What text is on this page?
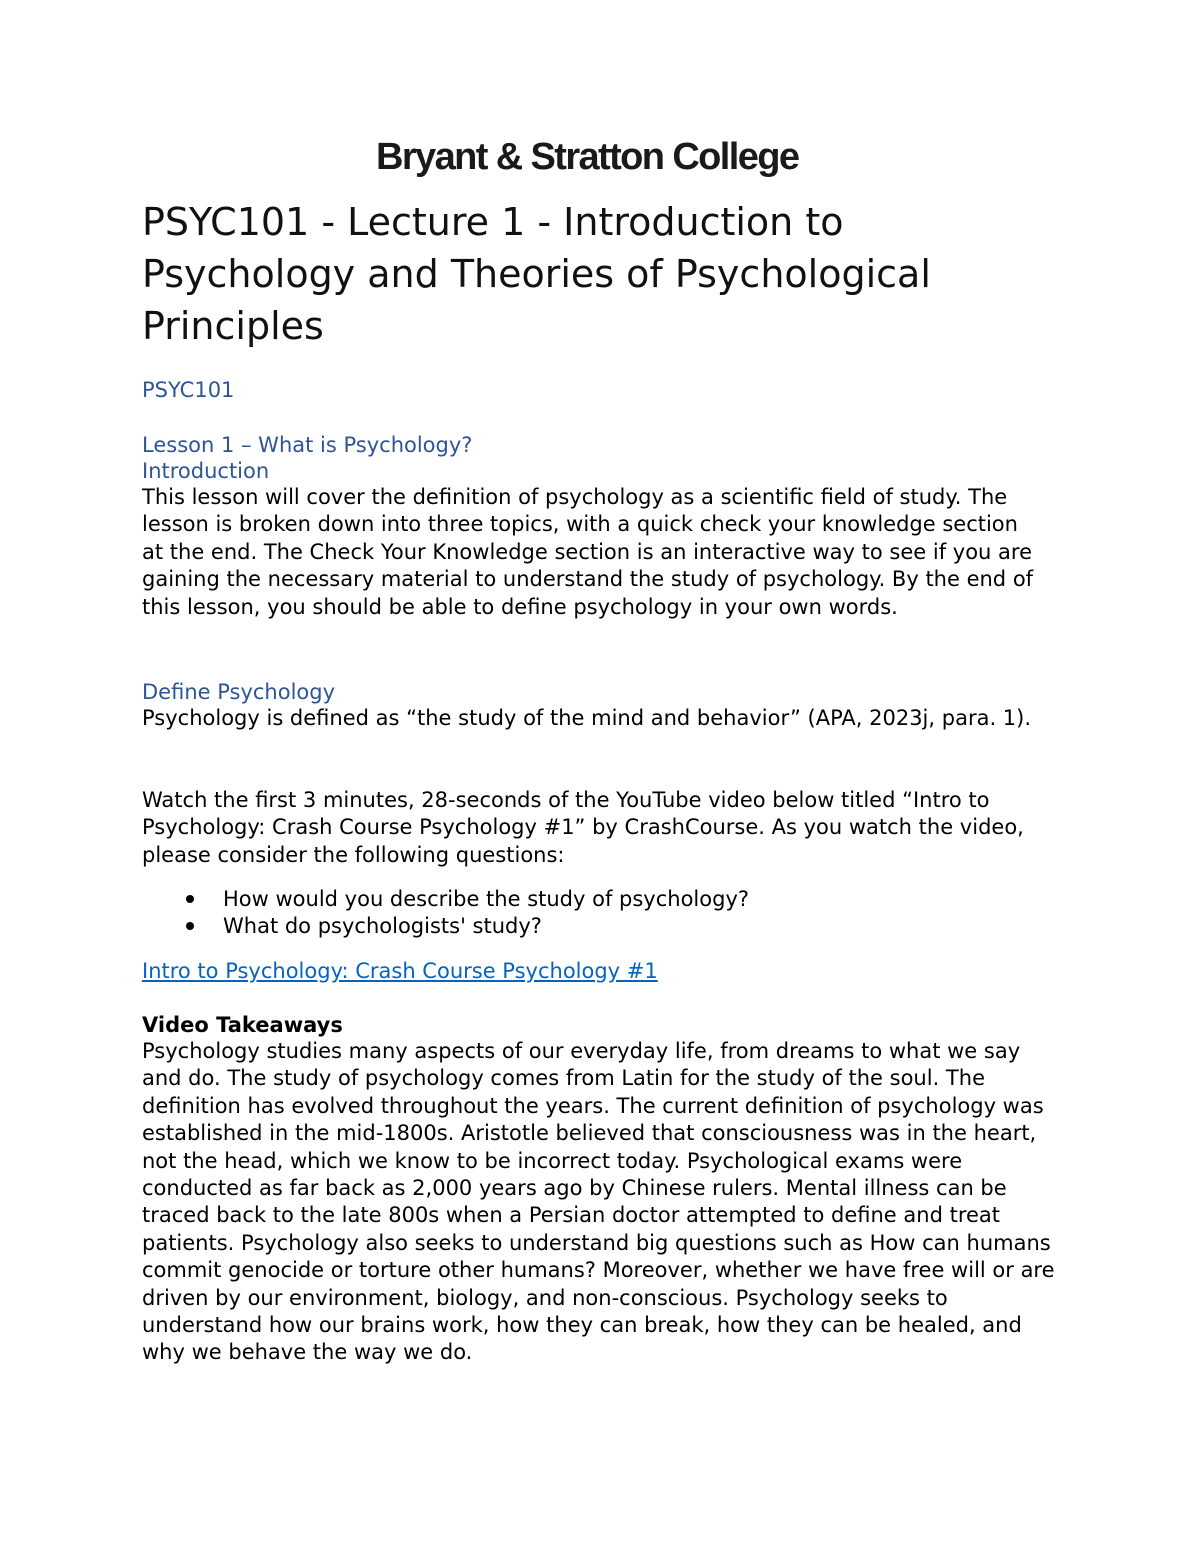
Bryant & Stratton College
PSYC101 - Lecture 1 - Introduction to Psychology and Theories of Psychological Principles
PSYC101
Lesson 1 – What is Psychology?
Introduction

This lesson will cover the definition of psychology as a scientific field of study. The lesson is broken down into three topics, with a quick check your knowledge section at the end. The Check Your Knowledge section is an interactive way to see if you are gaining the necessary material to understand the study of psychology. By the end of this lesson, you should be able to define psychology in your own words.

Define Psychology

Psychology is defined as “the study of the mind and behavior” (APA, 2023j, para. 1).

Watch the first 3 minutes, 28-seconds of the YouTube video below titled “Intro to Psychology: Crash Course Psychology #1” by CrashCourse. As you watch the video, please consider the following questions:

How would you describe the study of psychology?
What do psychologists' study?
Intro to Psychology: Crash Course Psychology #1
Video Takeaways

Psychology studies many aspects of our everyday life, from dreams to what we say and do. The study of psychology comes from Latin for the study of the soul. The definition has evolved throughout the years. The current definition of psychology was established in the mid-1800s. Aristotle believed that consciousness was in the heart, not the head, which we know to be incorrect today. Psychological exams were conducted as far back as 2,000 years ago by Chinese rulers. Mental illness can be traced back to the late 800s when a Persian doctor attempted to define and treat patients. Psychology also seeks to understand big questions such as How can humans commit genocide or torture other humans? Moreover, whether we have free will or are driven by our environment, biology, and non-conscious. Psychology seeks to understand how our brains work, how they can break, how they can be healed, and why we behave the way we do.
